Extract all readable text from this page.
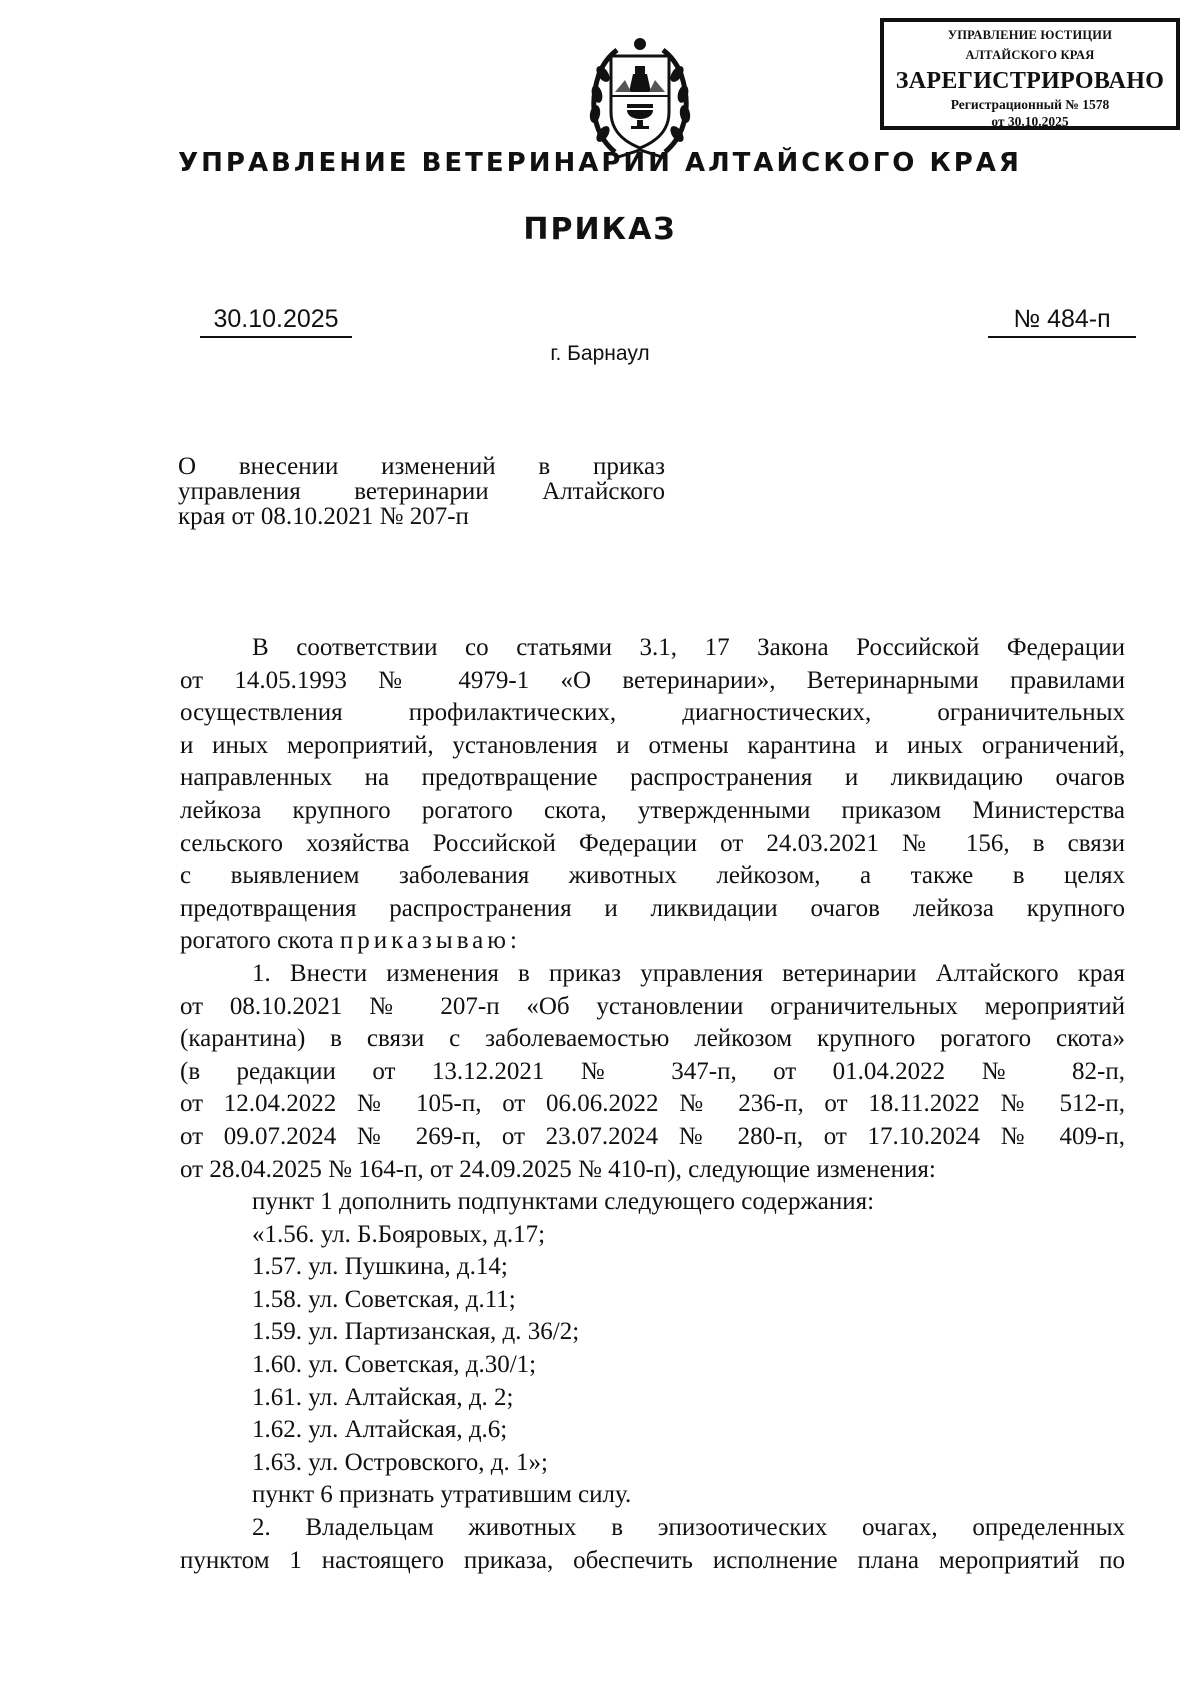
УПРАВЛЕНИЕ ЮСТИЦИИ
АЛТАЙСКОГО КРАЯ
ЗАРЕГИСТРИРОВАНО
Регистрационный № 1578
от 30.10.2025
УПРАВЛЕНИЕ ВЕТЕРИНАРИИ АЛТАЙСКОГО КРАЯ
ПРИКАЗ
30.10.2025	№ 484-п
г. Барнаул
О внесении изменений в приказ
управления ветеринарии Алтайского
края от 08.10.2021 № 207-п

В соответствии со статьями 3.1, 17 Закона Российской Федерации
от 14.05.1993 № 4979-1 «О ветеринарии», Ветеринарными правилами
осуществления профилактических, диагностических, ограничительных
и иных мероприятий, установления и отмены карантина и иных ограничений,
направленных на предотвращение распространения и ликвидацию очагов
лейкоза крупного рогатого скота, утвержденными приказом Министерства
сельского хозяйства Российской Федерации от 24.03.2021 № 156, в связи
с выявлением заболевания животных лейкозом, а также в целях
предотвращения распространения и ликвидации очагов лейкоза крупного
рогатого скота приказываю:

1. Внести изменения в приказ управления ветеринарии Алтайского края
от 08.10.2021 № 207-п «Об установлении ограничительных мероприятий
(карантина) в связи с заболеваемостью лейкозом крупного рогатого скота»
(в редакции от 13.12.2021 № 347-п, от 01.04.2022 № 82-п,
от 12.04.2022 № 105-п, от 06.06.2022 № 236-п, от 18.11.2022 № 512-п,
от 09.07.2024 № 269-п, от 23.07.2024 № 280-п, от 17.10.2024 № 409-п,
от 28.04.2025 № 164-п, от 24.09.2025 № 410-п), следующие изменения:
пункт 1 дополнить подпунктами следующего содержания:
«1.56. ул. Б.Бояровых, д.17;
1.57. ул. Пушкина, д.14;
1.58. ул. Советская, д.11;
1.59. ул. Партизанская, д. 36/2;
1.60. ул. Советская, д.30/1;
1.61. ул. Алтайская, д. 2;
1.62. ул. Алтайская, д.6;
1.63. ул. Островского, д. 1»;
пункт 6 признать утратившим силу.

2. Владельцам животных в эпизоотических очагах, определенных
пунктом 1 настоящего приказа, обеспечить исполнение плана мероприятий по
